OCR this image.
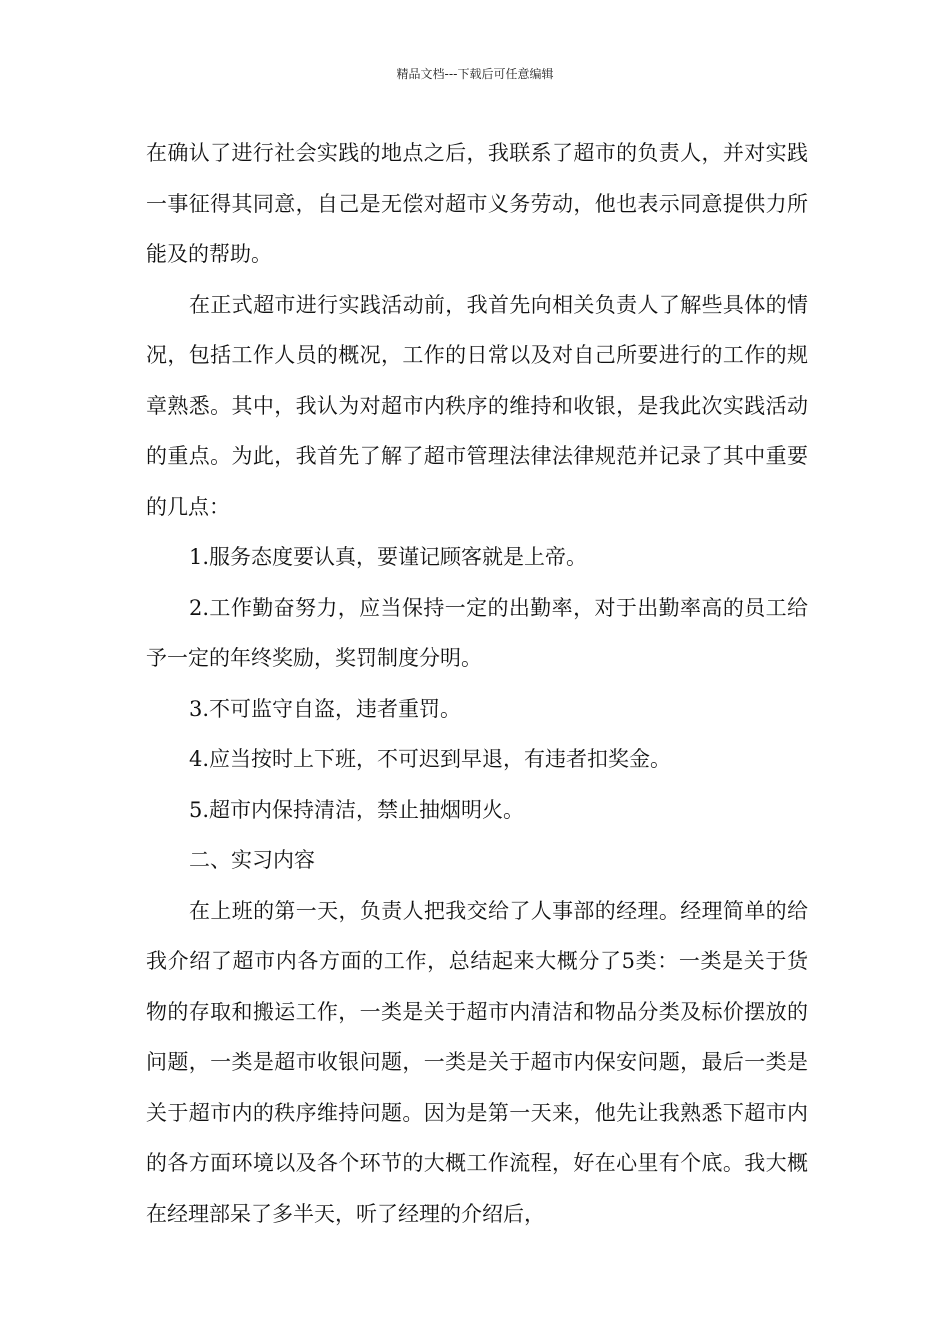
精品文档---下载后可任意编辑

在确认了进行社会实践的地点之后，我联系了超市的负责人，并对实践一事征得其同意，自己是无偿对超市义务劳动，他也表示同意提供力所能及的帮助。

在正式超市进行实践活动前，我首先向相关负责人了解些具体的情况，包括工作人员的概况，工作的日常以及对自己所要进行的工作的规章熟悉。其中，我认为对超市内秩序的维持和收银，是我此次实践活动的重点。为此，我首先了解了超市管理法律法律规范并记录了其中重要的几点：

1.服务态度要认真，要谨记顾客就是上帝。

2.工作勤奋努力，应当保持一定的出勤率，对于出勤率高的员工给予一定的年终奖励，奖罚制度分明。

3.不可监守自盗，违者重罚。

4.应当按时上下班，不可迟到早退，有违者扣奖金。

5.超市内保持清洁，禁止抽烟明火。

二、实习内容

在上班的第一天，负责人把我交给了人事部的经理。经理简单的给我介绍了超市内各方面的工作，总结起来大概分了5类：一类是关于货物的存取和搬运工作，一类是关于超市内清洁和物品分类及标价摆放的问题，一类是超市收银问题，一类是关于超市内保安问题，最后一类是关于超市内的秩序维持问题。因为是第一天来，他先让我熟悉下超市内的各方面环境以及各个环节的大概工作流程，好在心里有个底。我大概在经理部呆了多半天，听了经理的介绍后，
